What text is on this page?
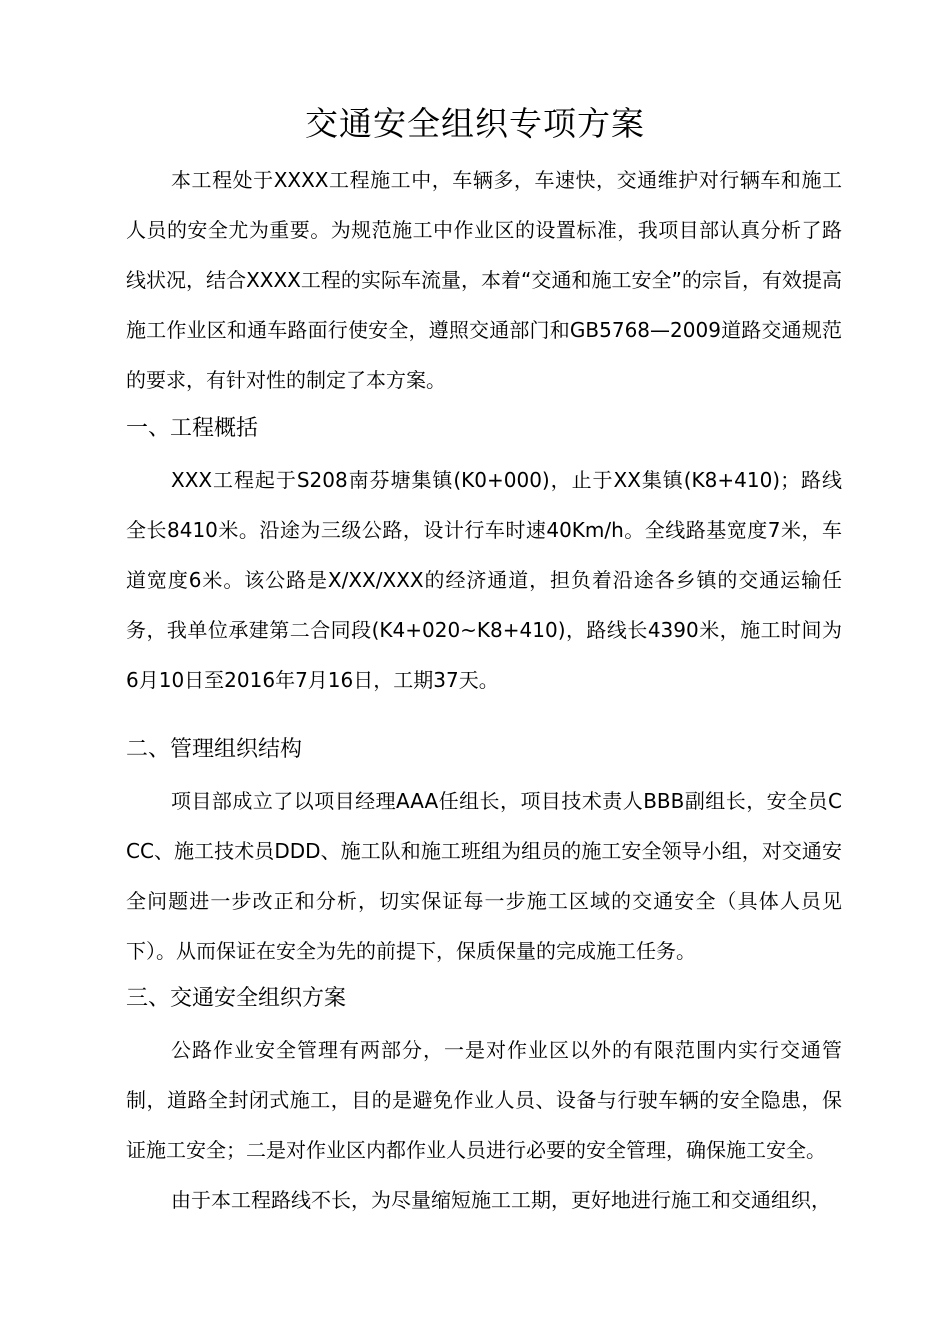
交通安全组织专项方案

本工程处于XXXX工程施工中，车辆多，车速快，交通维护对行辆车和施工人员的安全尤为重要。为规范施工中作业区的设置标准，我项目部认真分析了路线状况，结合XXXX工程的实际车流量，本着“交通和施工安全”的宗旨，有效提高施工作业区和通车路面行使安全，遵照交通部门和GB5768—2009道路交通规范的要求，有针对性的制定了本方案。

一、工程概括

XXX工程起于S208南芬塘集镇(K0+000)，止于XX集镇(K8+410)；路线全长8410米。沿途为三级公路，设计行车时速40Km/h。全线路基宽度7米，车道宽度6米。该公路是X/XX/XXX的经济通道，担负着沿途各乡镇的交通运输任务，我单位承建第二合同段(K4+020~K8+410)，路线长4390米，施工时间为6月10日至2016年7月16日，工期37天。

二、管理组织结构

项目部成立了以项目经理AAA任组长，项目技术责人BBB副组长，安全员CCC、施工技术员DDD、施工队和施工班组为组员的施工安全领导小组，对交通安全问题进一步改正和分析，切实保证每一步施工区域的交通安全（具体人员见下）。从而保证在安全为先的前提下，保质保量的完成施工任务。

三、交通安全组织方案

公路作业安全管理有两部分，一是对作业区以外的有限范围内实行交通管制，道路全封闭式施工，目的是避免作业人员、设备与行驶车辆的安全隐患，保证施工安全；二是对作业区内都作业人员进行必要的安全管理，确保施工安全。

由于本工程路线不长，为尽量缩短施工工期，更好地进行施工和交通组织，
